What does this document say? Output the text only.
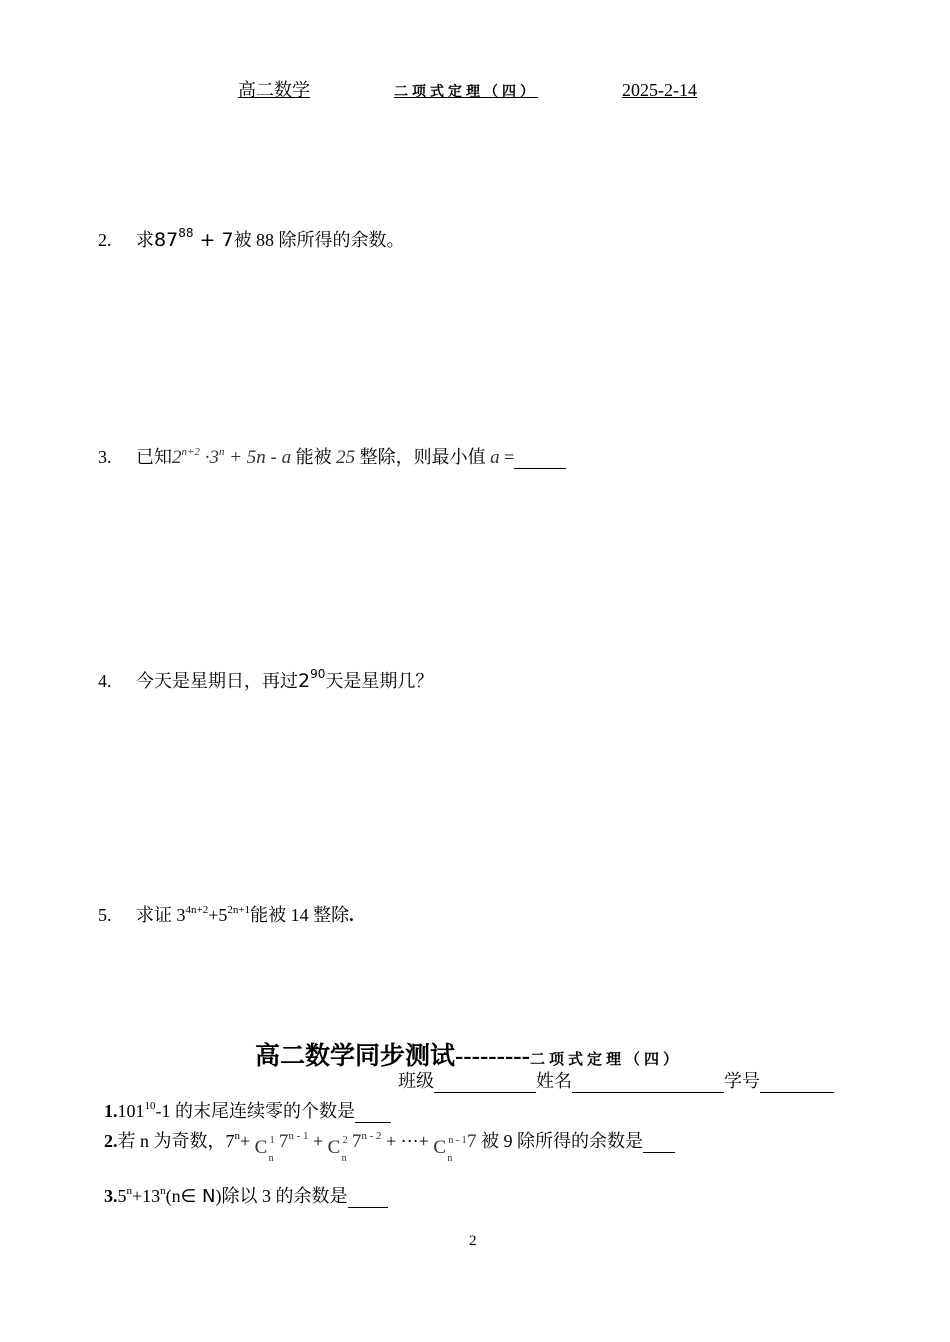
高二数学	二项式定理（四）	2025-2-14
2. 求$87^{88} + 7$被 88 除所得的余数。
3. 已知$2^{n+2} \cdot 3^n + 5n - a$ 能被 25 整除，则最小值 a =
4. 今天是星期日，再过$2^{90}$天是星期几？
5. 求证 $3^{4n+2}+5^{2n+1}$能被 14 整除.
高二数学同步测试---------二项式定理（四）
班级	姓名	学号
1.101$^{10}$-1 的末尾连续零的个数是
2.若 n 为奇数，$7^n+ C$ 1
n
$7^{n - 1} + C$ 2
n
$7^{n - 2}$ + ···+ C n - 1
n
7 被 9 除所得的余数是
$3.5^n+13^n(n\in$ N)除以 3 的余数是
2
